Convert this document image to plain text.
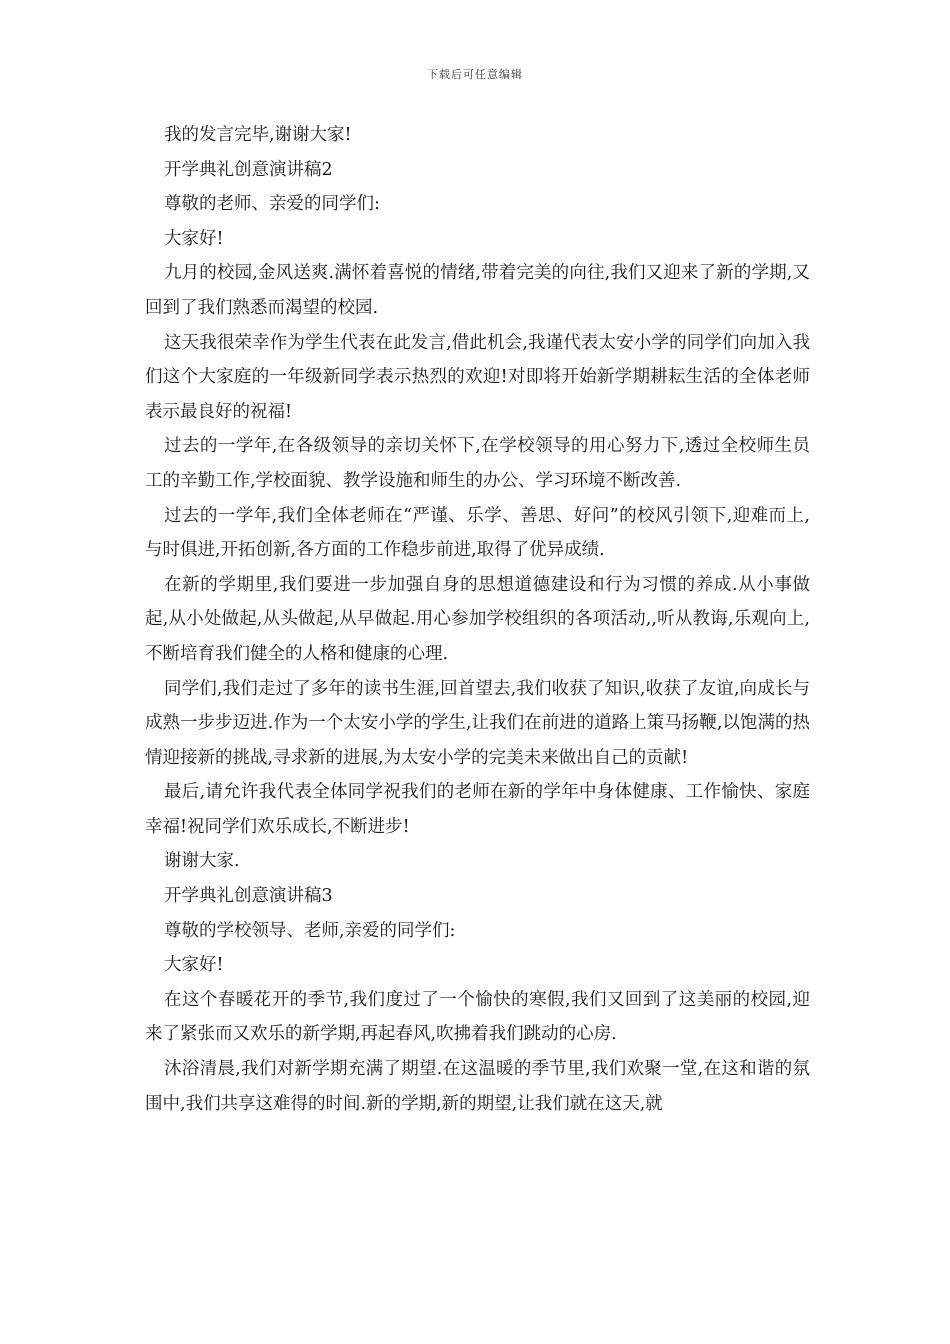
下载后可任意编辑

我的发言完毕,谢谢大家!

开学典礼创意演讲稿2

尊敬的老师、亲爱的同学们:

大家好!

九月的校园,金风送爽.满怀着喜悦的情绪,带着完美的向往,我们又迎来了新的学期,又回到了我们熟悉而渴望的校园.

这天我很荣幸作为学生代表在此发言,借此机会,我谨代表太安小学的同学们向加入我们这个大家庭的一年级新同学表示热烈的欢迎!对即将开始新学期耕耘生活的全体老师表示最良好的祝福!

过去的一学年,在各级领导的亲切关怀下,在学校领导的用心努力下,透过全校师生员工的辛勤工作,学校面貌、教学设施和师生的办公、学习环境不断改善.

过去的一学年,我们全体老师在“严谨、乐学、善思、好问”的校风引领下,迎难而上,与时俱进,开拓创新,各方面的工作稳步前进,取得了优异成绩.

在新的学期里,我们要进一步加强自身的思想道德建设和行为习惯的养成.从小事做起,从小处做起,从头做起,从早做起.用心参加学校组织的各项活动,,听从教诲,乐观向上,不断培育我们健全的人格和健康的心理.

同学们,我们走过了多年的读书生涯,回首望去,我们收获了知识,收获了友谊,向成长与成熟一步步迈进.作为一个太安小学的学生,让我们在前进的道路上策马扬鞭,以饱满的热情迎接新的挑战,寻求新的进展,为太安小学的完美未来做出自己的贡献!

最后,请允许我代表全体同学祝我们的老师在新的学年中身体健康、工作愉快、家庭幸福!祝同学们欢乐成长,不断进步!

谢谢大家.

开学典礼创意演讲稿3

尊敬的学校领导、老师,亲爱的同学们:

大家好!

在这个春暖花开的季节,我们度过了一个愉快的寒假,我们又回到了这美丽的校园,迎来了紧张而又欢乐的新学期,再起春风,吹拂着我们跳动的心房.

沐浴清晨,我们对新学期充满了期望.在这温暖的季节里,我们欢聚一堂,在这和谐的氛围中,我们共享这难得的时间.新的学期,新的期望,让我们就在这天,就
